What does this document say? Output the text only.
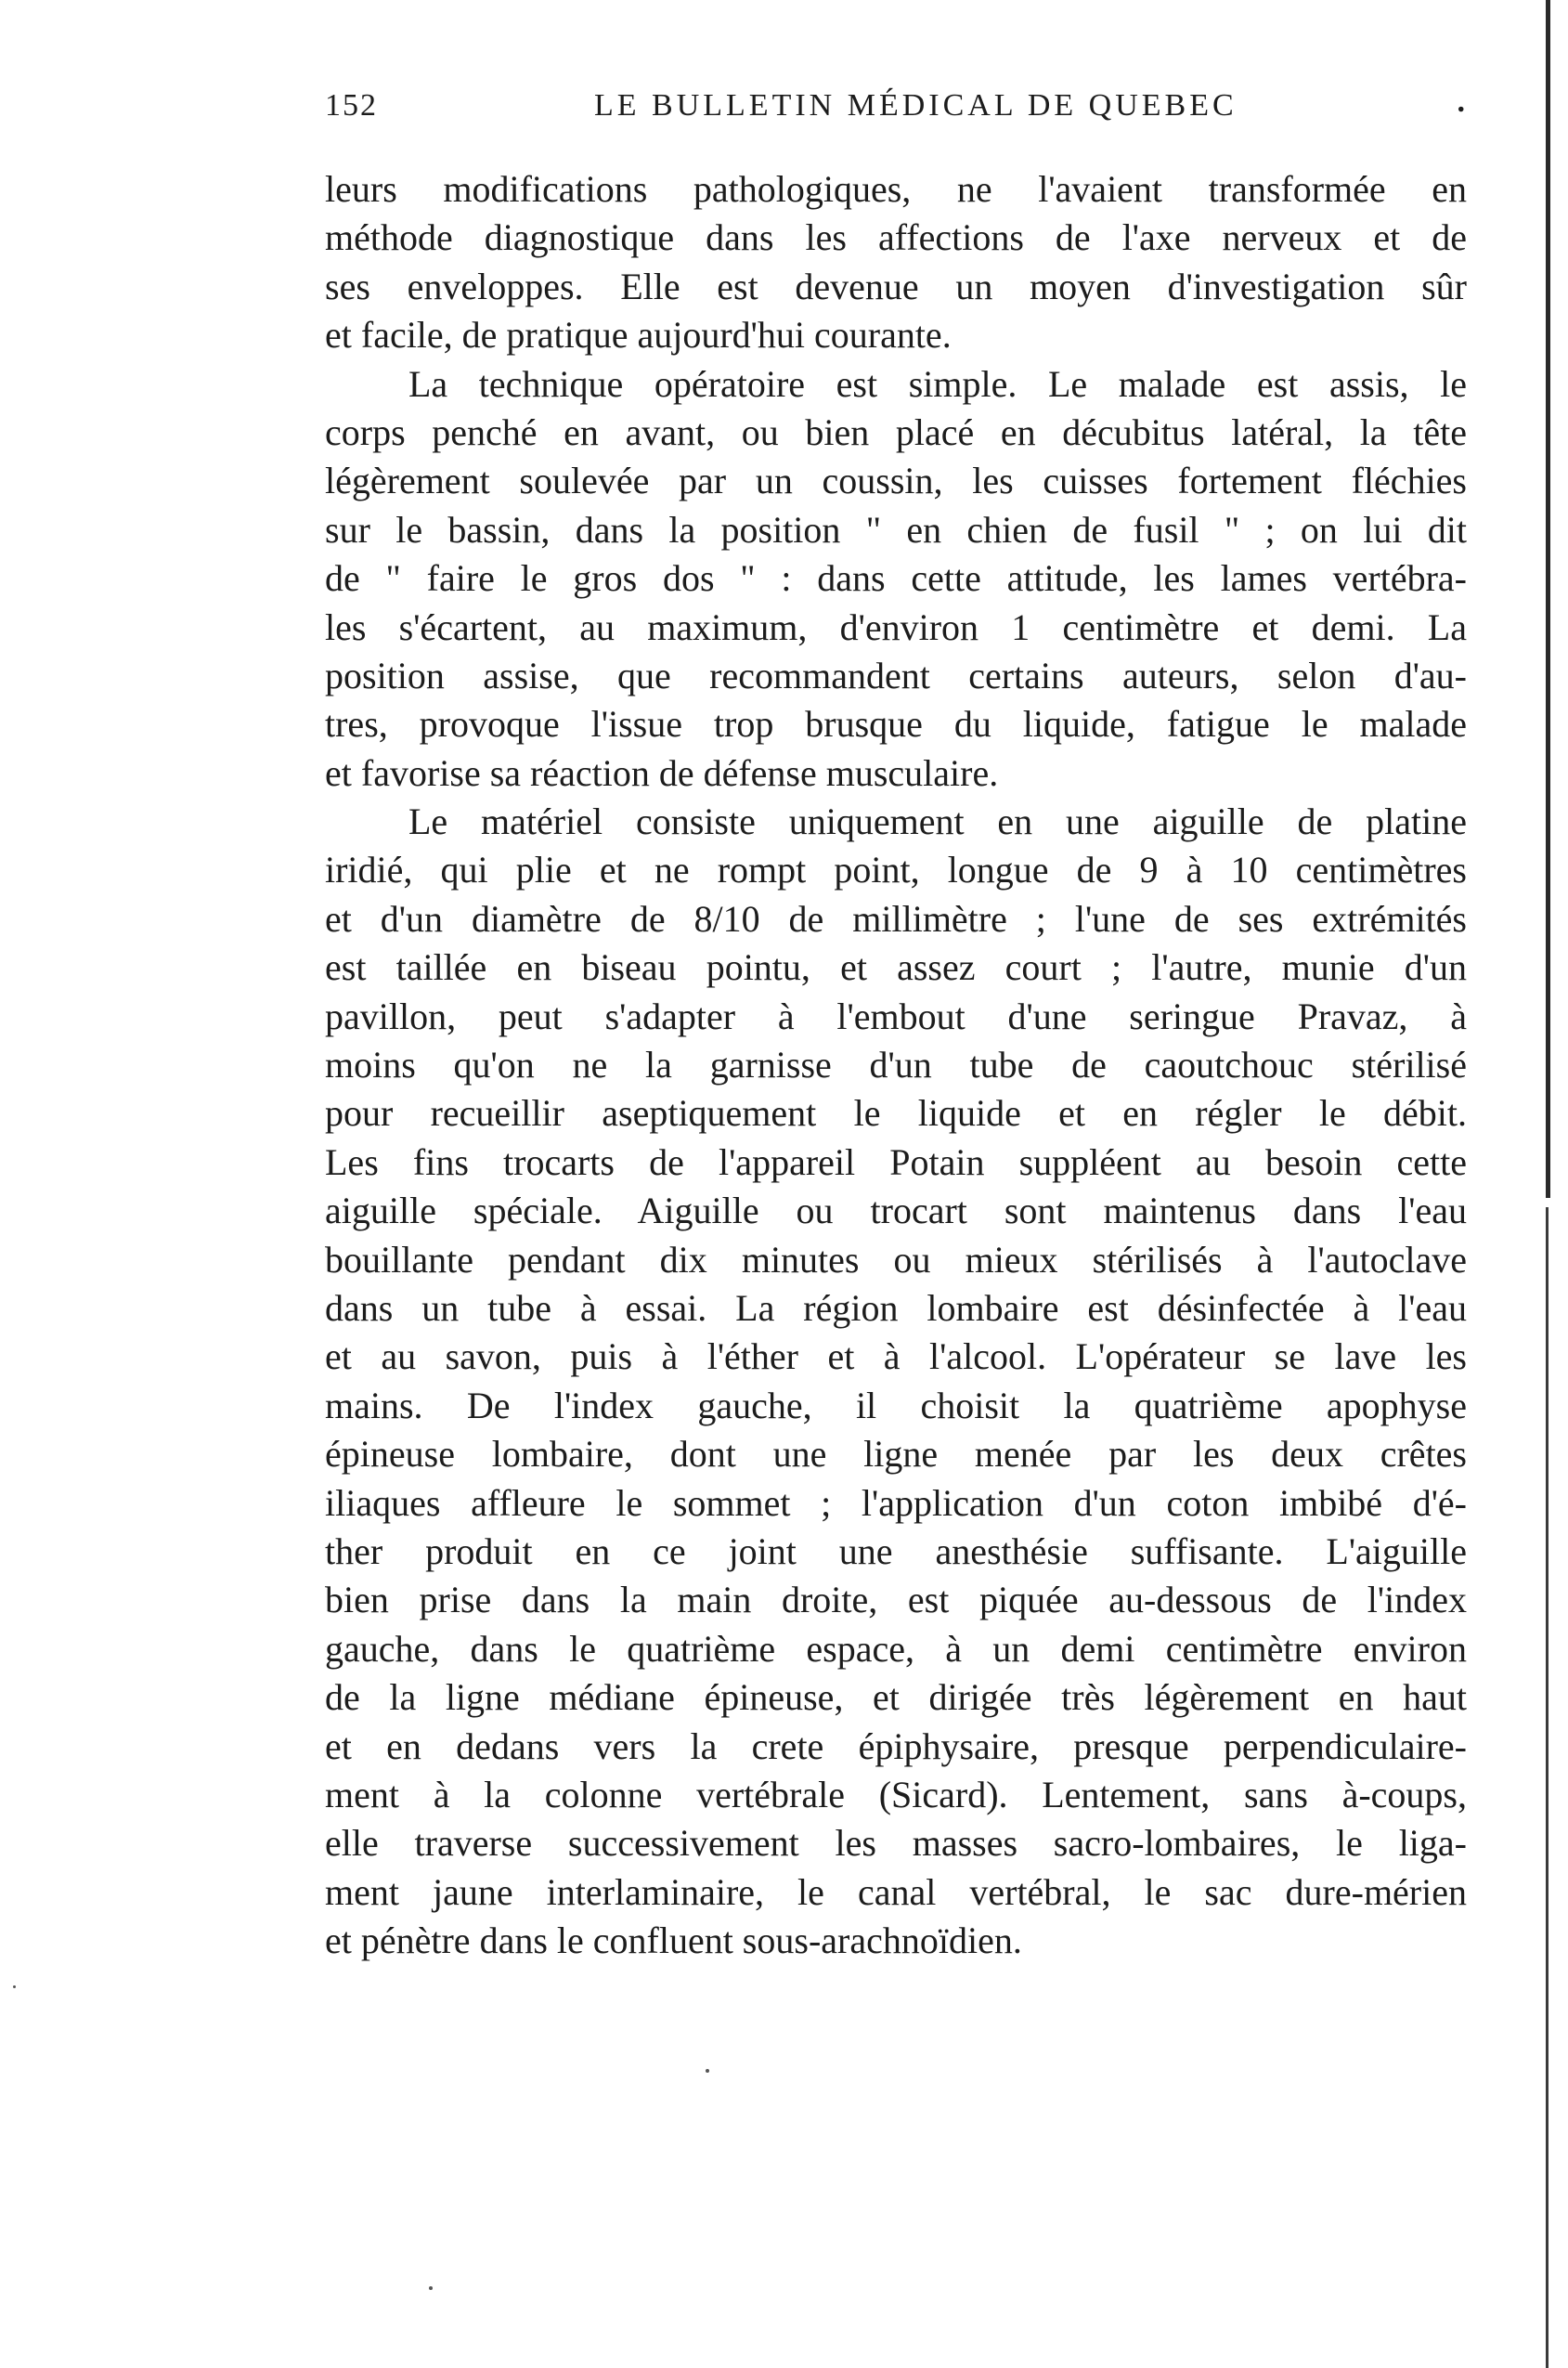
152	LE BULLETIN MÉDICAL DE QUEBEC	.
leurs modifications pathologiques, ne l'avaient transformée en
méthode diagnostique dans les affections de l'axe nerveux et de
ses enveloppes. Elle est devenue un moyen d'investigation sûr
et facile, de pratique aujourd'hui courante.
La technique opératoire est simple. Le malade est assis, le
corps penché en avant, ou bien placé en décubitus latéral, la tête
légèrement soulevée par un coussin, les cuisses fortement fléchies
sur le bassin, dans la position " en chien de fusil " ; on lui dit
de " faire le gros dos " : dans cette attitude, les lames vertébra-
les s'écartent, au maximum, d'environ 1 centimètre et demi. La
position assise, que recommandent certains auteurs, selon d'au-
tres, provoque l'issue trop brusque du liquide, fatigue le malade
et favorise sa réaction de défense musculaire.
Le matériel consiste uniquement en une aiguille de platine
iridié, qui plie et ne rompt point, longue de 9 à 10 centimètres
et d'un diamètre de 8/10 de millimètre ; l'une de ses extrémités
est taillée en biseau pointu, et assez court ; l'autre, munie d'un
pavillon, peut s'adapter à l'embout d'une seringue Pravaz, à
moins qu'on ne la garnisse d'un tube de caoutchouc stérilisé
pour recueillir aseptiquement le liquide et en régler le débit.
Les fins trocarts de l'appareil Potain suppléent au besoin cette
aiguille spéciale. Aiguille ou trocart sont maintenus dans l'eau
bouillante pendant dix minutes ou mieux stérilisés à l'autoclave
dans un tube à essai. La région lombaire est désinfectée à l'eau
et au savon, puis à l'éther et à l'alcool. L'opérateur se lave les
mains. De l'index gauche, il choisit la quatrième apophyse
épineuse lombaire, dont une ligne menée par les deux crêtes
iliaques affleure le sommet ; l'application d'un coton imbibé d'é-
ther produit en ce joint une anesthésie suffisante. L'aiguille
bien prise dans la main droite, est piquée au-dessous de l'index
gauche, dans le quatrième espace, à un demi centimètre environ
de la ligne médiane épineuse, et dirigée très légèrement en haut
et en dedans vers la crete épiphysaire, presque perpendiculaire-
ment à la colonne vertébrale (Sicard). Lentement, sans à-coups,
elle traverse successivement les masses sacro-lombaires, le liga-
ment jaune interlaminaire, le canal vertébral, le sac dure-mérien
et pénètre dans le confluent sous-arachnoïdien.
